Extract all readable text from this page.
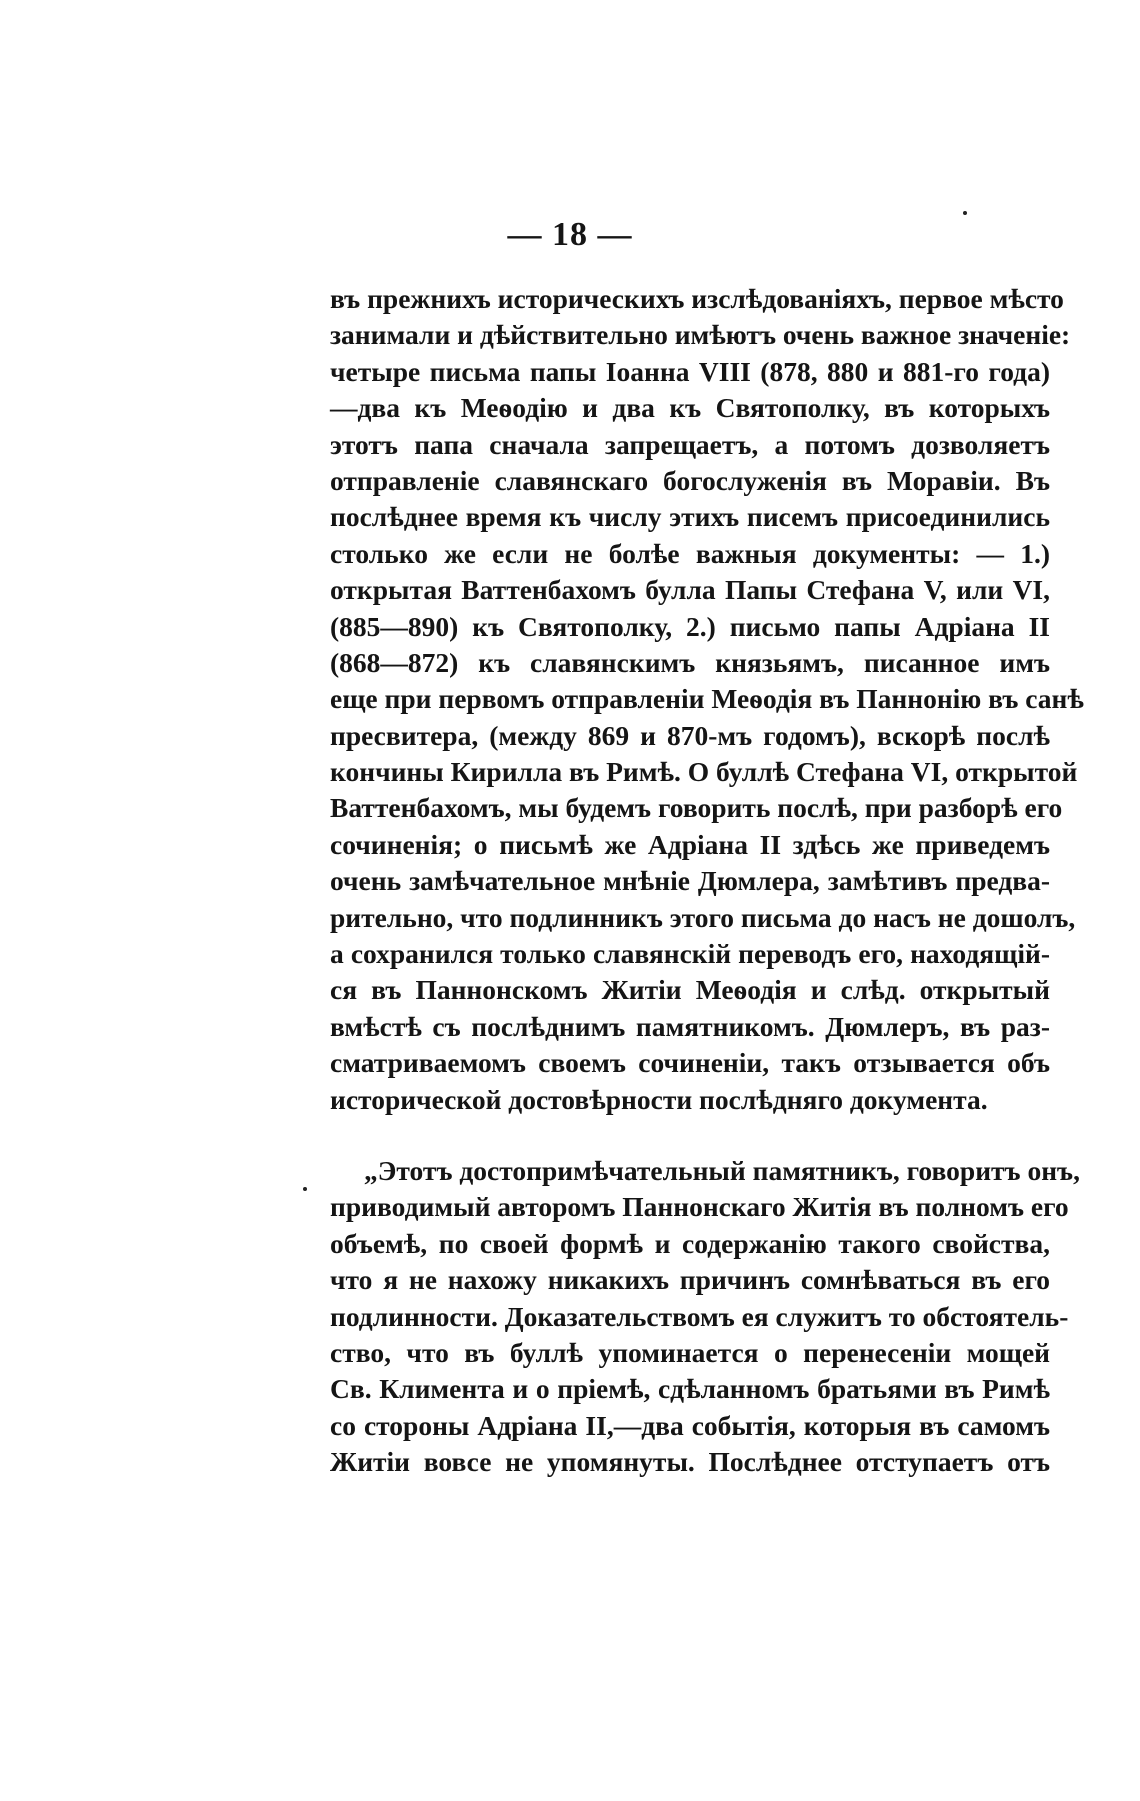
— 18 —
въ прежнихъ историческихъ изслѣдованіяхъ, первое мѣсто
занимали и дѣйствительно имѣютъ очень важное значеніе:
четыре письма папы Іоанна VIII (878, 880 и 881-го года)
—два къ Меѳодію и два къ Святополку, въ которыхъ
этотъ папа сначала запрещаетъ, а потомъ дозволяетъ
отправленіе славянскаго богослуженія въ Моравіи. Въ
послѣднее время къ числу этихъ писемъ присоединились
столько же если не болѣе важныя документы: — 1.)
открытая Ваттенбахомъ булла Папы Стефана V, или VI,
(885—890) къ Святополку, 2.) письмо папы Адріана II
(868—872) къ славянскимъ князьямъ, писанное имъ
еще при первомъ отправленіи Меѳодія въ Паннонію въ санѣ
пресвитера, (между 869 и 870-мъ годомъ), вскорѣ послѣ
кончины Кирилла въ Римѣ. О буллѣ Стефана VI, открытой
Ваттенбахомъ, мы будемъ говорить послѣ, при разборѣ его
сочиненія; о письмѣ же Адріана II здѣсь же приведемъ
очень замѣчательное мнѣніе Дюмлера, замѣтивъ предва-
рительно, что подлинникъ этого письма до насъ не дошолъ,
а сохранился только славянскій переводъ его, находящій-
ся въ Паннонскомъ Житіи Меѳодія и слѣд. открытый
вмѣстѣ съ послѣднимъ памятникомъ. Дюмлеръ, въ раз-
сматриваемомъ своемъ сочиненіи, такъ отзывается объ
исторической достовѣрности послѣдняго документа.
„Этотъ достопримѣчательный памятникъ, говоритъ онъ,
приводимый авторомъ Паннонскаго Житія въ полномъ его
объемѣ, по своей формѣ и содержанію такого свойства,
что я не нахожу никакихъ причинъ сомнѣваться въ его
подлинности. Доказательствомъ ея служитъ то обстоятель-
ство, что въ буллѣ упоминается о перенесеніи мощей
Св. Климента и о пріемѣ, сдѣланномъ братьями въ Римѣ
со стороны Адріана II,—два событія, которыя въ самомъ
Житіи вовсе не упомянуты. Послѣднее отступаетъ отъ
